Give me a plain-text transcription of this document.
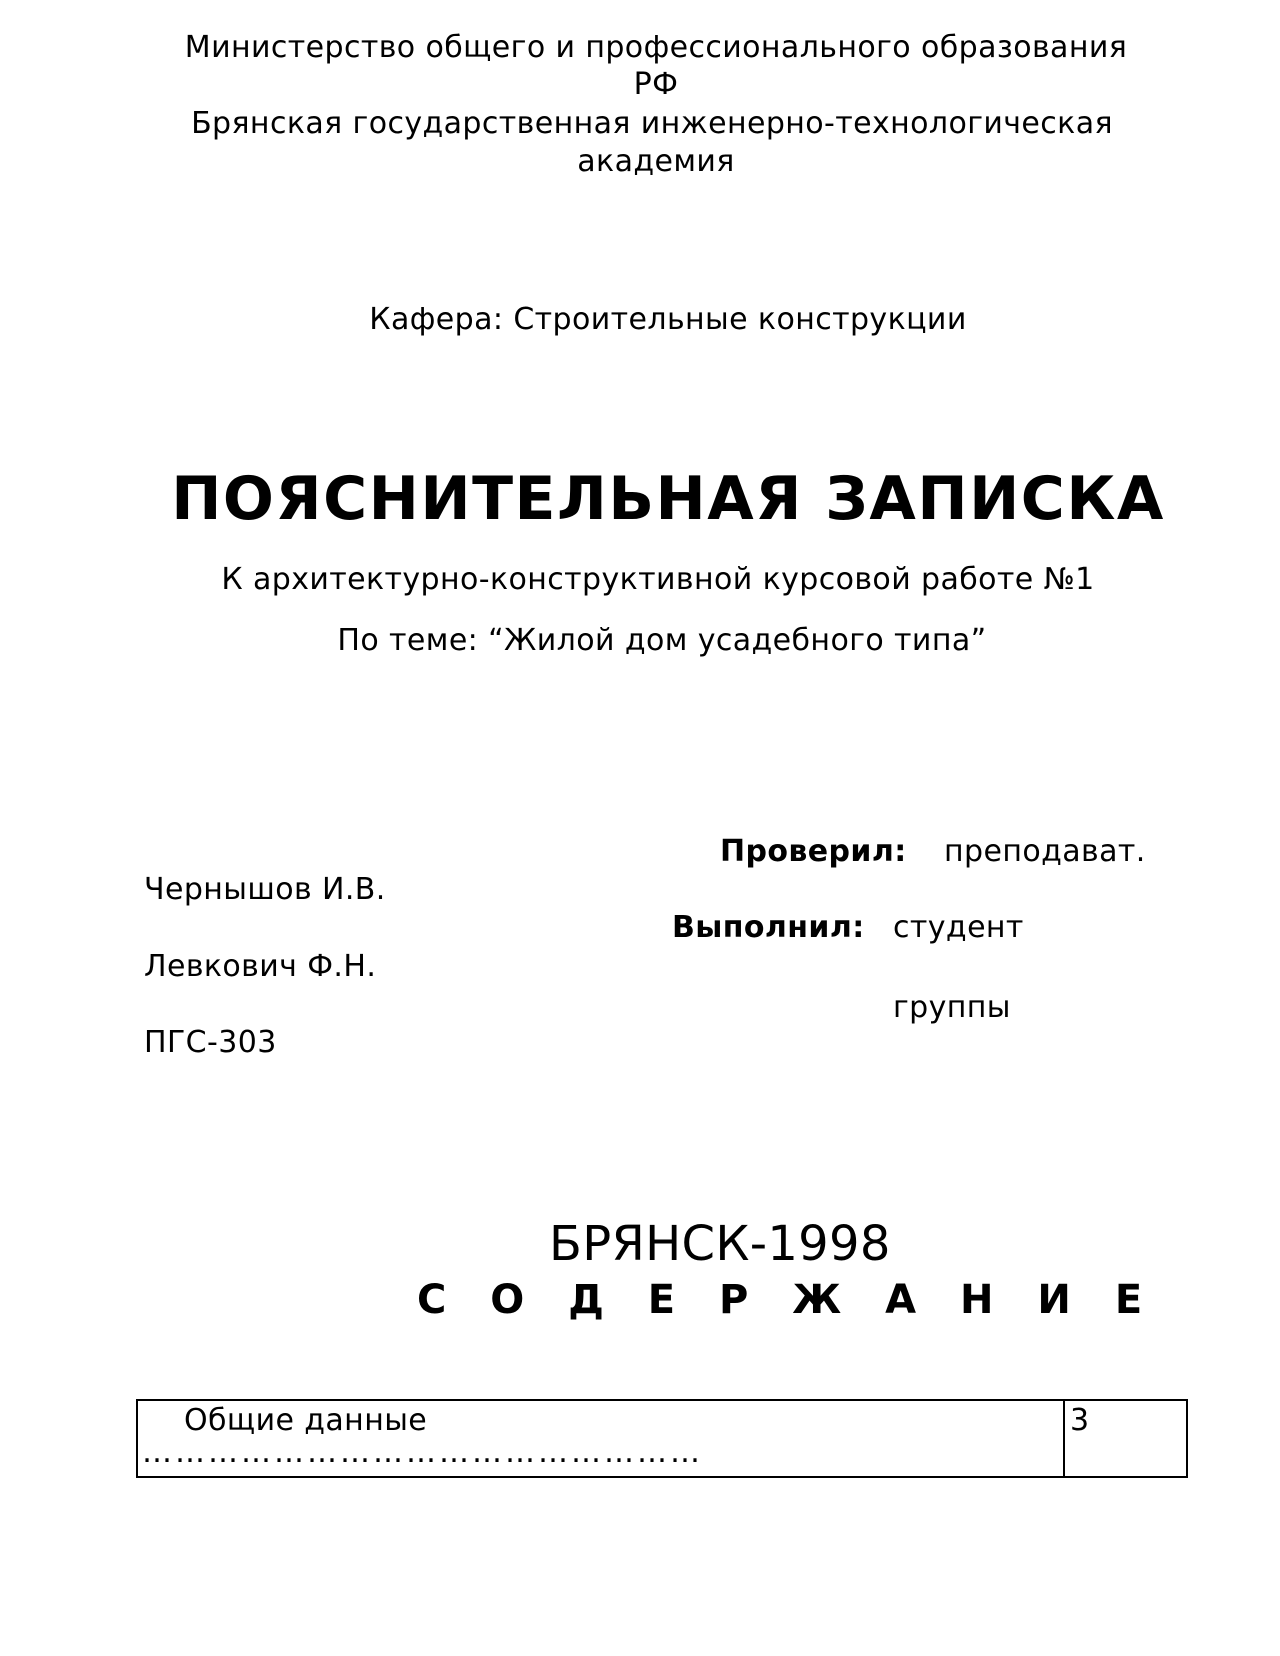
Министерство общего и профессионального образования
РФ
Брянская государственная инженерно-технологическая
академия
Кафера: Строительные конструкции
ПОЯСНИТЕЛЬНАЯ ЗАПИСКА
К архитектурно-конструктивной курсовой работе №1
По теме: “Жилой дом усадебного типа”
Проверил: преподават.
Чернышов И.В.
Выполнил: студент
Левкович Ф.Н.
группы
ПГС-303
БРЯНСК-1998
С О Д Е Р Ж А Н И Е
Общие данные
……………………………………………
3
